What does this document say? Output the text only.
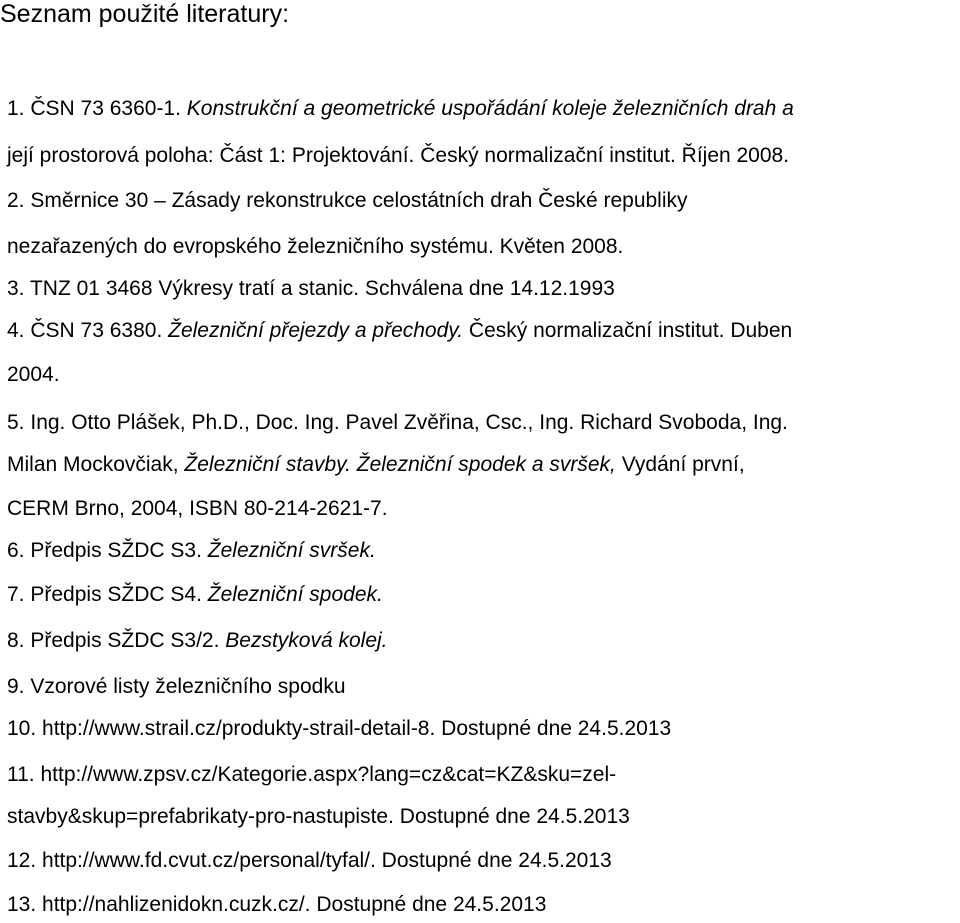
Seznam použité literatury:
1. ČSN 73 6360-1. Konstrukční a geometrické uspořádání koleje železničních drah a
její prostorová poloha: Část 1: Projektování. Český normalizační institut. Říjen 2008.
2. Směrnice 30 – Zásady rekonstrukce celostátních drah České republiky
nezařazených do evropského železničního systému. Květen 2008.
3. TNZ 01 3468 Výkresy tratí a stanic. Schválena dne 14.12.1993
4. ČSN 73 6380. Železniční přejezdy a přechody. Český normalizační institut. Duben
2004.
5. Ing. Otto Plášek, Ph.D., Doc. Ing. Pavel Zvěřina, Csc., Ing. Richard Svoboda, Ing.
Milan Mockovčiak, Železniční stavby. Železniční spodek a svršek, Vydání první,
CERM Brno, 2004, ISBN 80-214-2621-7.
6. Předpis SŽDC S3. Železniční svršek.
7. Předpis SŽDC S4. Železniční spodek.
8. Předpis SŽDC S3/2. Bezstyková kolej.
9. Vzorové listy železničního spodku
10. http://www.strail.cz/produkty-strail-detail-8. Dostupné dne 24.5.2013
11. http://www.zpsv.cz/Kategorie.aspx?lang=cz&cat=KZ&sku=zel-
stavby&skup=prefabrikaty-pro-nastupiste. Dostupné dne 24.5.2013
12. http://www.fd.cvut.cz/personal/tyfal/. Dostupné dne 24.5.2013
13. http://nahlizenidokn.cuzk.cz/. Dostupné dne 24.5.2013
